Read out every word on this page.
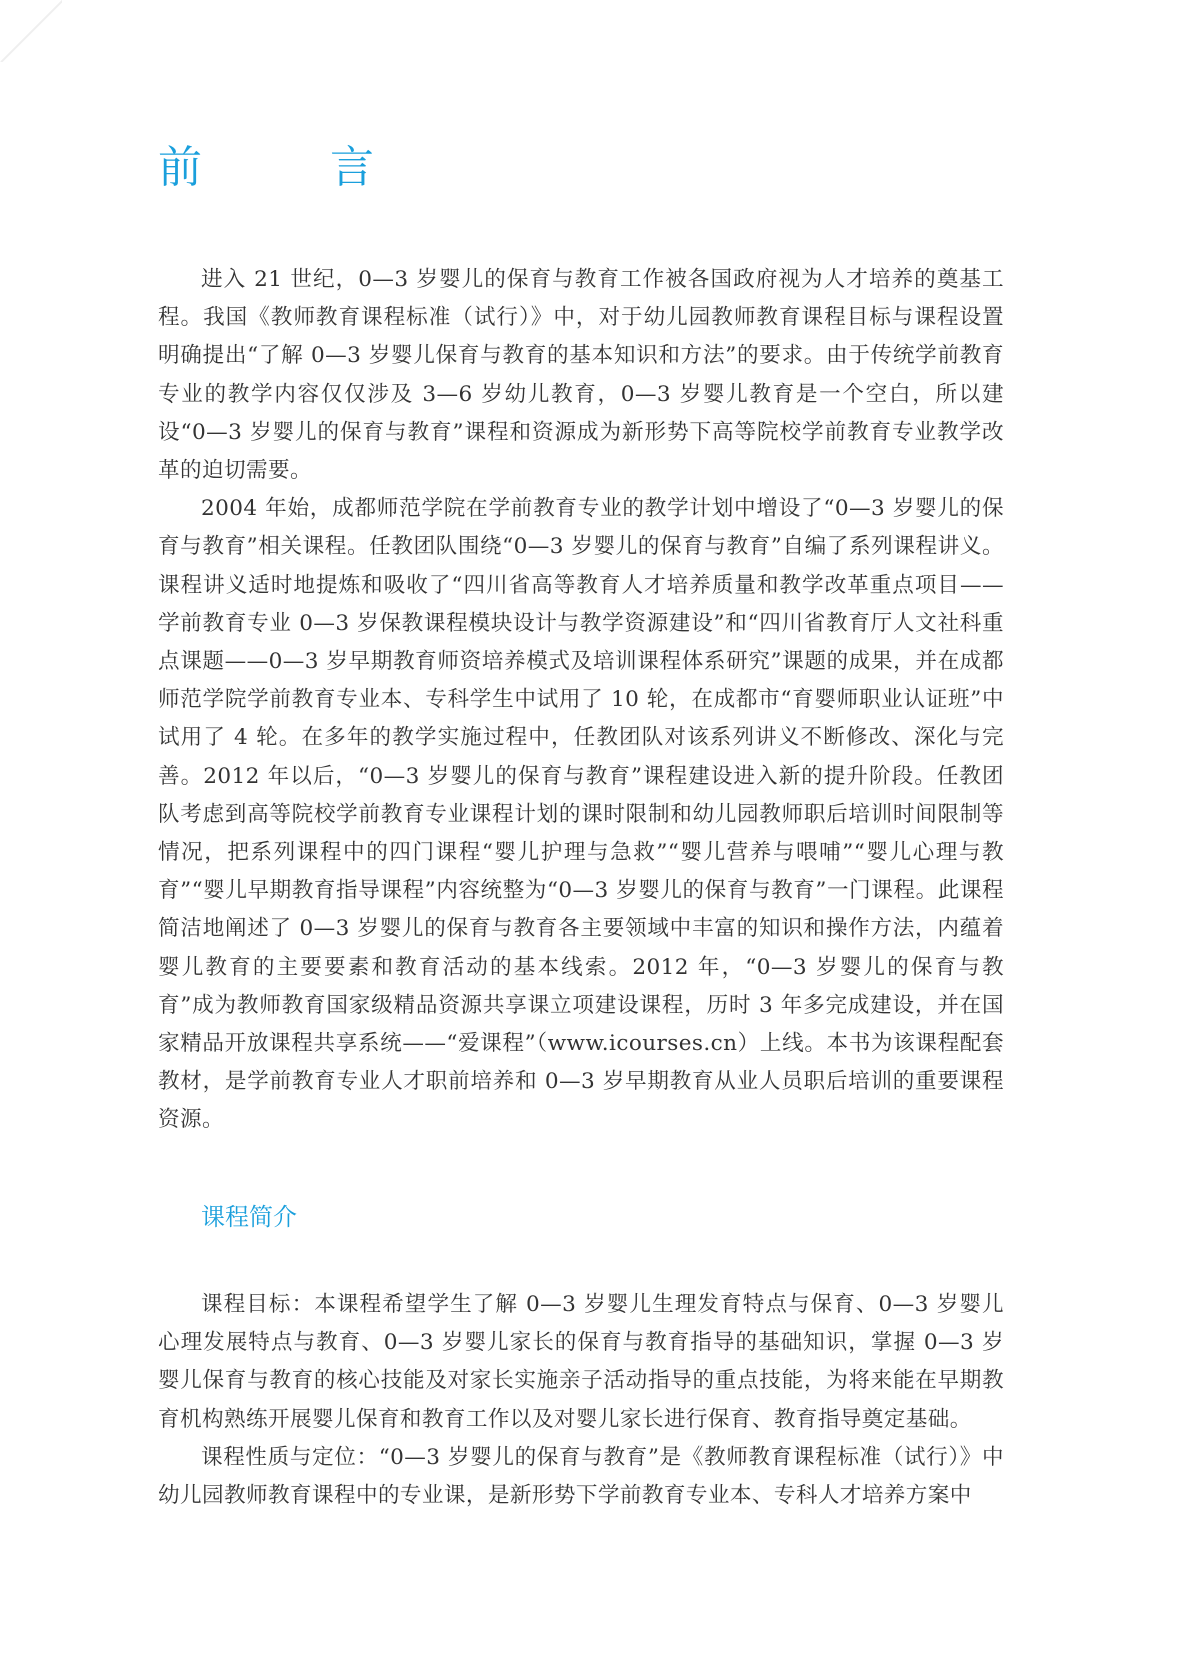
前　言

进入 21 世纪，0—3 岁婴儿的保育与教育工作被各国政府视为人才培养的奠基工程。我国《教师教育课程标准（试行）》中，对于幼儿园教师教育课程目标与课程设置明确提出“了解 0—3 岁婴儿保育与教育的基本知识和方法”的要求。由于传统学前教育专业的教学内容仅仅涉及 3—6 岁幼儿教育，0—3 岁婴儿教育是一个空白，所以建设“0—3 岁婴儿的保育与教育”课程和资源成为新形势下高等院校学前教育专业教学改革的迫切需要。

2004 年始，成都师范学院在学前教育专业的教学计划中增设了“0—3 岁婴儿的保育与教育”相关课程。任教团队围绕“0—3 岁婴儿的保育与教育”自编了系列课程讲义。课程讲义适时地提炼和吸收了“四川省高等教育人才培养质量和教学改革重点项目——学前教育专业 0—3 岁保教课程模块设计与教学资源建设”和“四川省教育厅人文社科重点课题——0—3 岁早期教育师资培养模式及培训课程体系研究”课题的成果，并在成都师范学院学前教育专业本、专科学生中试用了 10 轮，在成都市“育婴师职业认证班”中试用了 4 轮。在多年的教学实施过程中，任教团队对该系列讲义不断修改、深化与完善。2012 年以后，“0—3 岁婴儿的保育与教育”课程建设进入新的提升阶段。任教团队考虑到高等院校学前教育专业课程计划的课时限制和幼儿园教师职后培训时间限制等情况，把系列课程中的四门课程“婴儿护理与急救”“婴儿营养与喂哺”“婴儿心理与教育”“婴儿早期教育指导课程”内容统整为“0—3 岁婴儿的保育与教育”一门课程。此课程简洁地阐述了 0—3 岁婴儿的保育与教育各主要领域中丰富的知识和操作方法，内蕴着婴儿教育的主要要素和教育活动的基本线索。2012 年，“0—3 岁婴儿的保育与教育”成为教师教育国家级精品资源共享课立项建设课程，历时 3 年多完成建设，并在国家精品开放课程共享系统——“爱课程”（www.icourses.cn）上线。本书为该课程配套教材，是学前教育专业人才职前培养和 0—3 岁早期教育从业人员职后培训的重要课程资源。

课程简介

课程目标：本课程希望学生了解 0—3 岁婴儿生理发育特点与保育、0—3 岁婴儿心理发展特点与教育、0—3 岁婴儿家长的保育与教育指导的基础知识，掌握 0—3 岁婴儿保育与教育的核心技能及对家长实施亲子活动指导的重点技能，为将来能在早期教育机构熟练开展婴儿保育和教育工作以及对婴儿家长进行保育、教育指导奠定基础。

课程性质与定位：“0—3 岁婴儿的保育与教育”是《教师教育课程标准（试行）》中幼儿园教师教育课程中的专业课，是新形势下学前教育专业本、专科人才培养方案中
